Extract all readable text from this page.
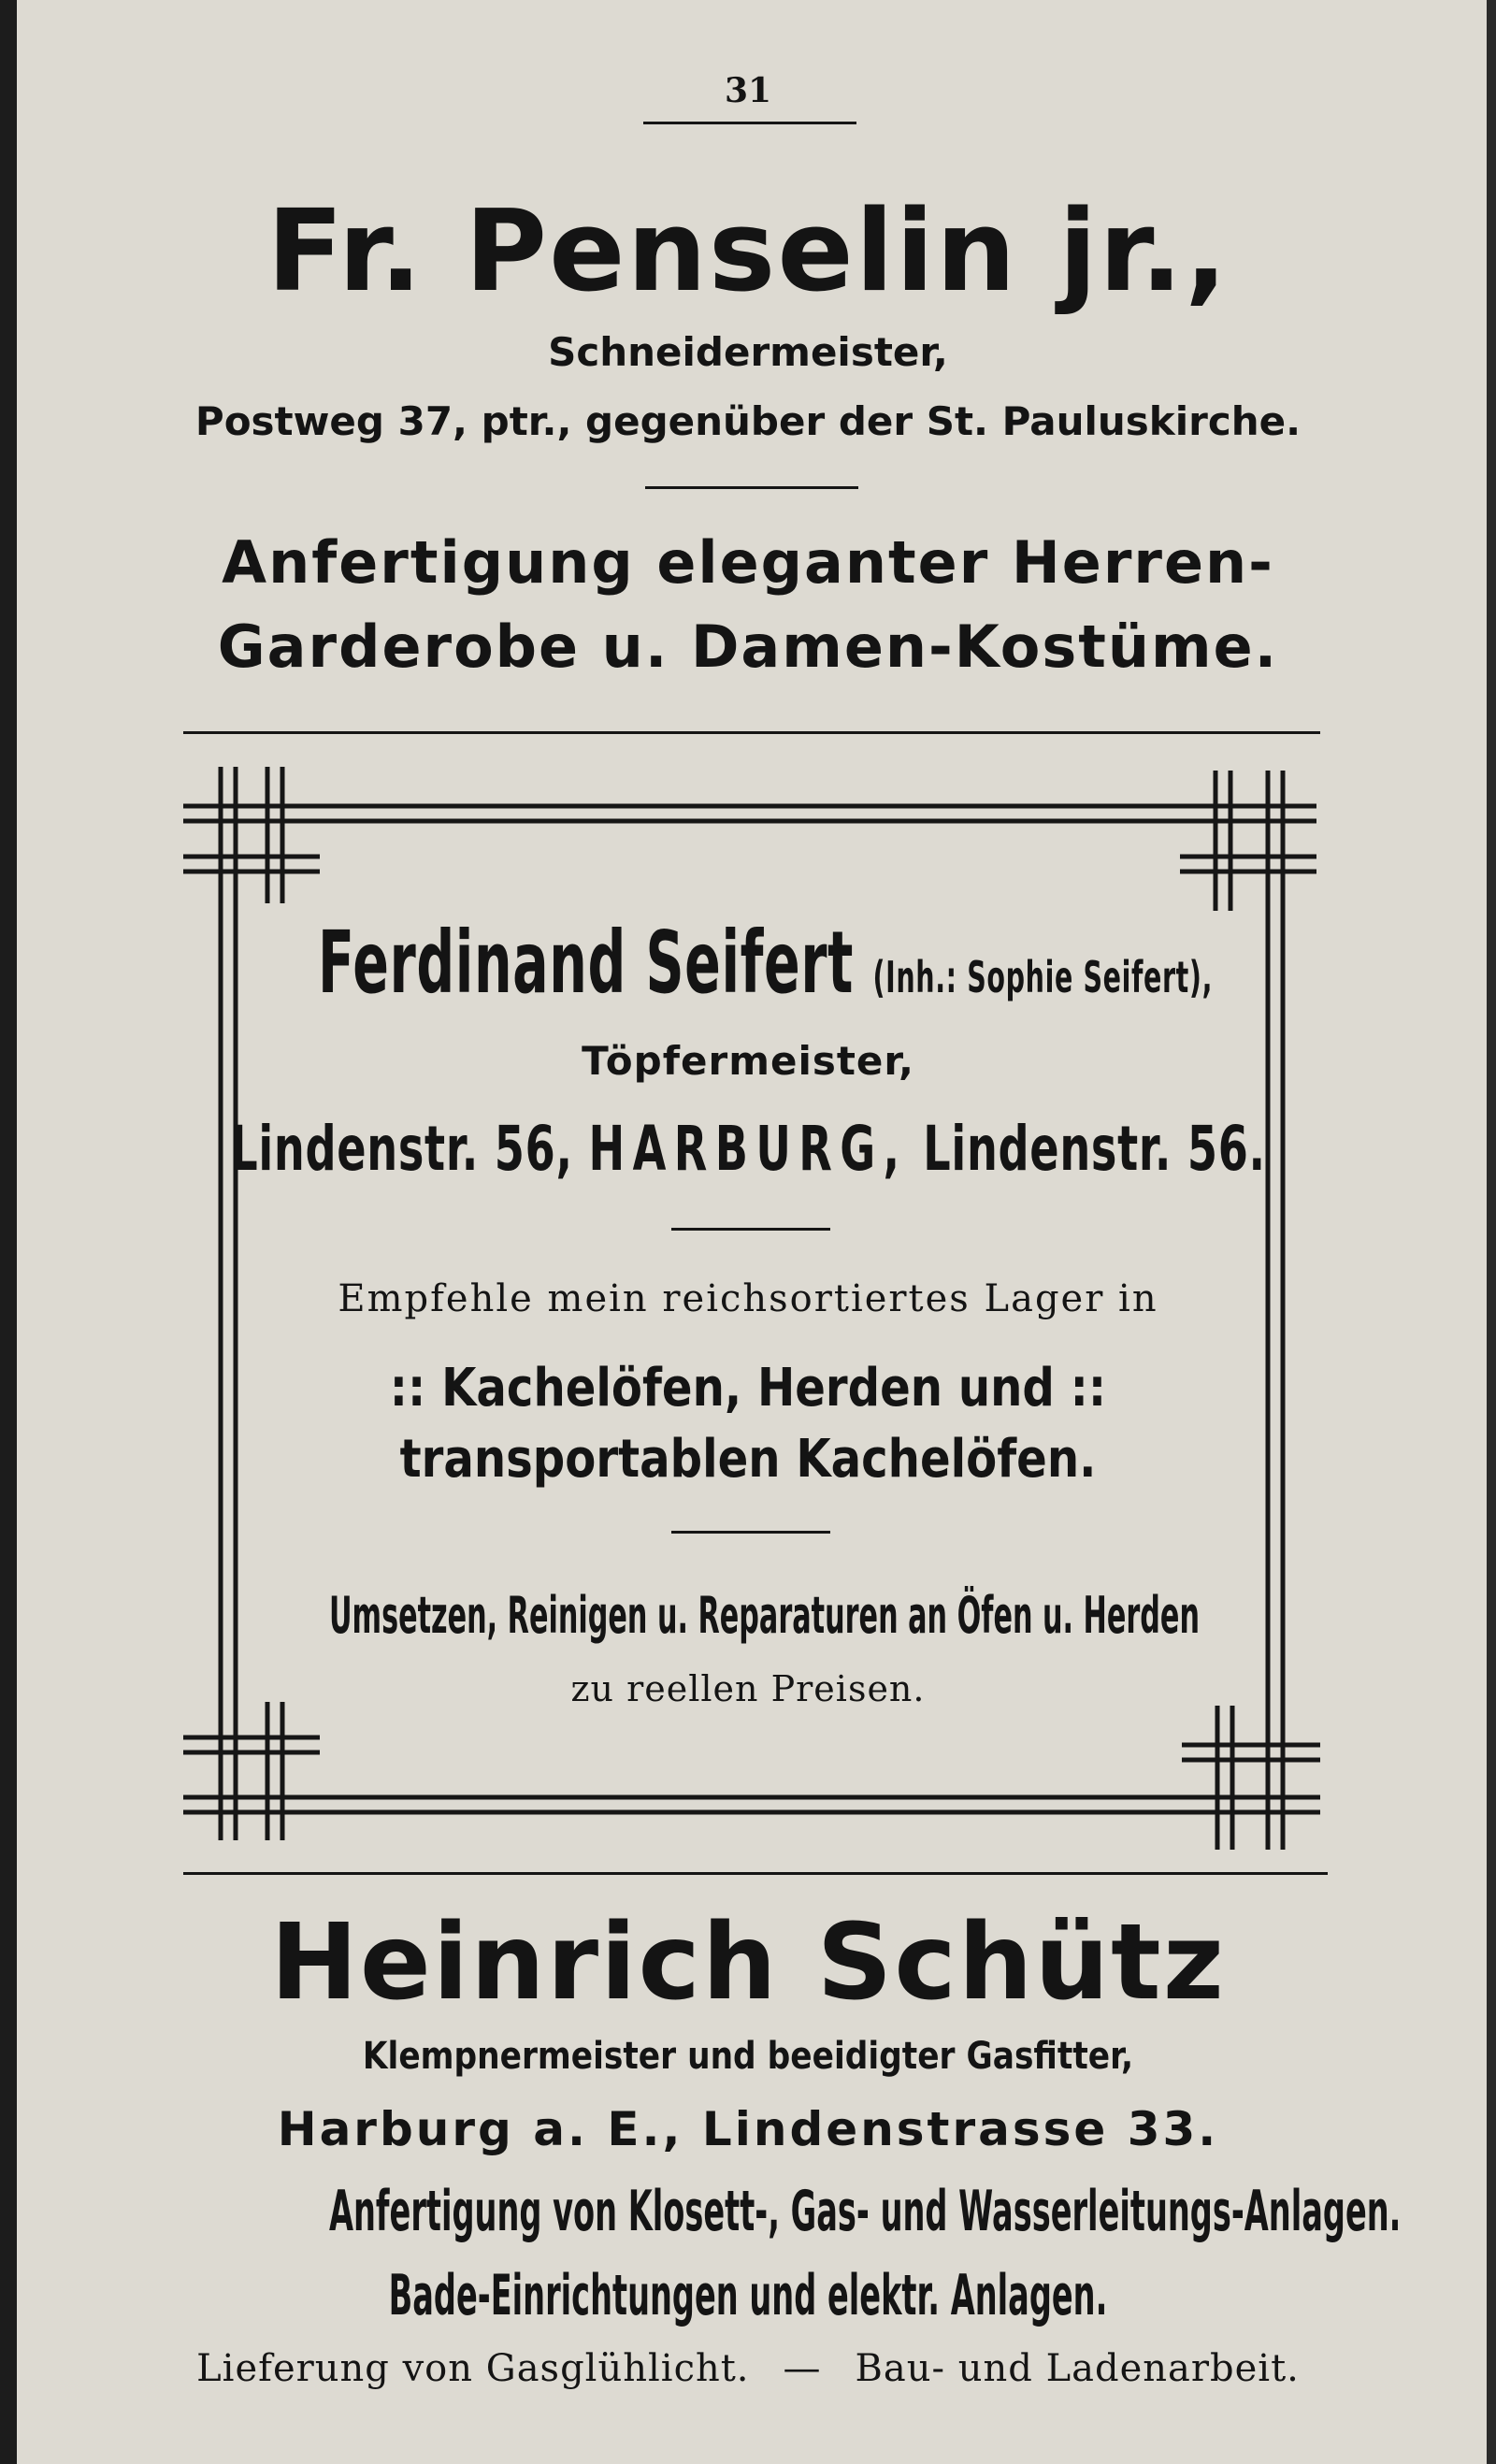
31
Fr. Penselin jr.,
Schneidermeister,
Postweg 37, ptr., gegenüber der St. Pauluskirche.
Anfertigung eleganter Herren-
Garderobe u. Damen-Kostüme.
Ferdinand Seifert (Inh.: Sophie Seifert),
Töpfermeister,
Lindenstr. 56, HARBURG, Lindenstr. 56.
Empfehle mein reichsortiertes Lager in
:: Kachelöfen, Herden und ::
transportablen Kachelöfen.
Umsetzen, Reinigen u. Reparaturen an Öfen u. Herden
zu reellen Preisen.
Heinrich Schütz
Klempnermeister und beeidigter Gasfitter,
Harburg a. E., Lindenstrasse 33.
Anfertigung von Klosett-, Gas- und Wasserleitungs-Anlagen.
Bade-Einrichtungen und elektr. Anlagen.
Lieferung von Gasglühlicht. — Bau- und Ladenarbeit.
